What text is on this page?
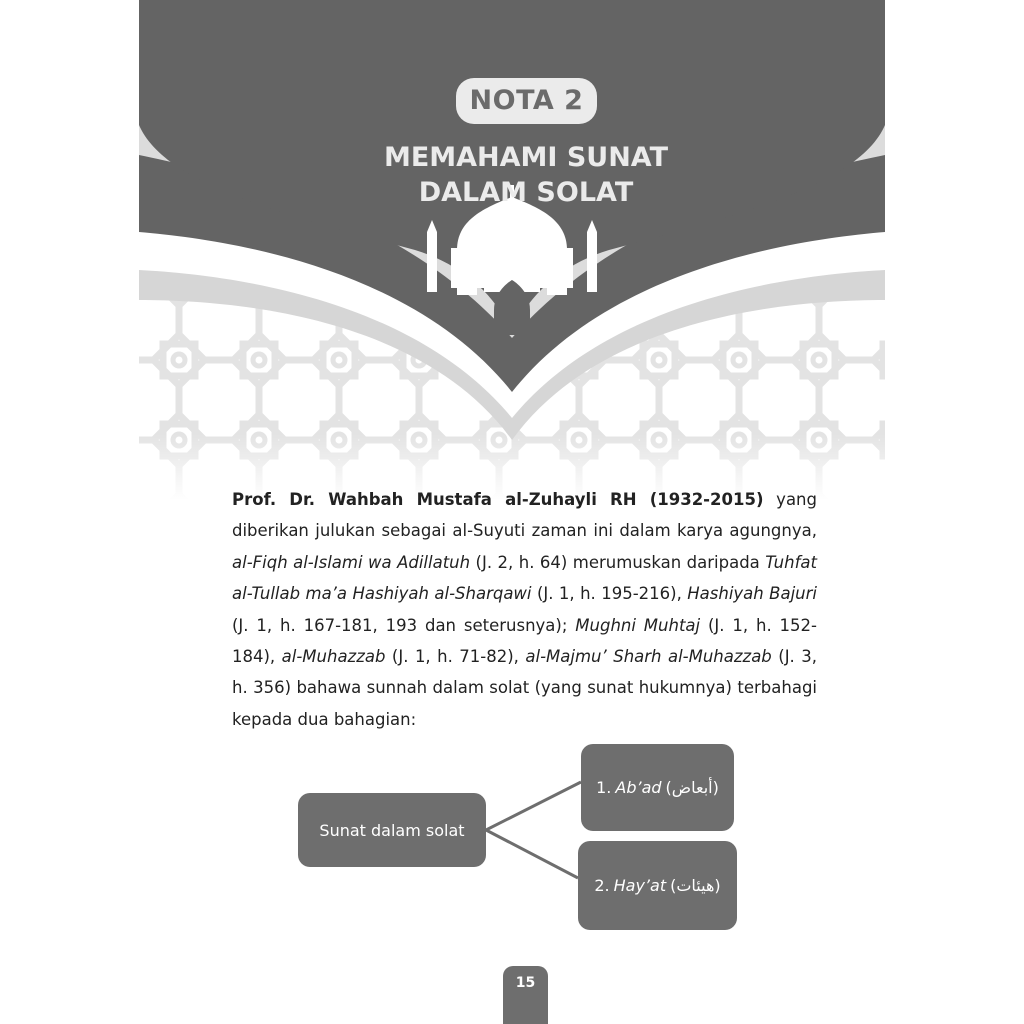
NOTA 2
MEMAHAMI SUNAT
DALAM SOLAT

Prof. Dr. Wahbah Mustafa al-Zuhayli RH (1932-2015) yang diberikan julukan sebagai al-Suyuti zaman ini dalam karya agungnya, al-Fiqh al-Islami wa Adillatuh (J. 2, h. 64) merumuskan daripada Tuhfat al-Tullab ma’a Hashiyah al-Sharqawi (J. 1, h. 195-216), Hashiyah Bajuri (J. 1, h. 167-181, 193 dan seterusnya); Mughni Muhtaj (J. 1, h. 152-184), al-Muhazzab (J. 1, h. 71-82), al-Majmu’ Sharh al-Muhazzab (J. 3, h. 356) bahawa sunnah dalam solat (yang sunat hukumnya) terbahagi kepada dua bahagian:

Sunat dalam solat
1. Ab’ad (أبعاض)
2. Hay’at (هيئات)
15
